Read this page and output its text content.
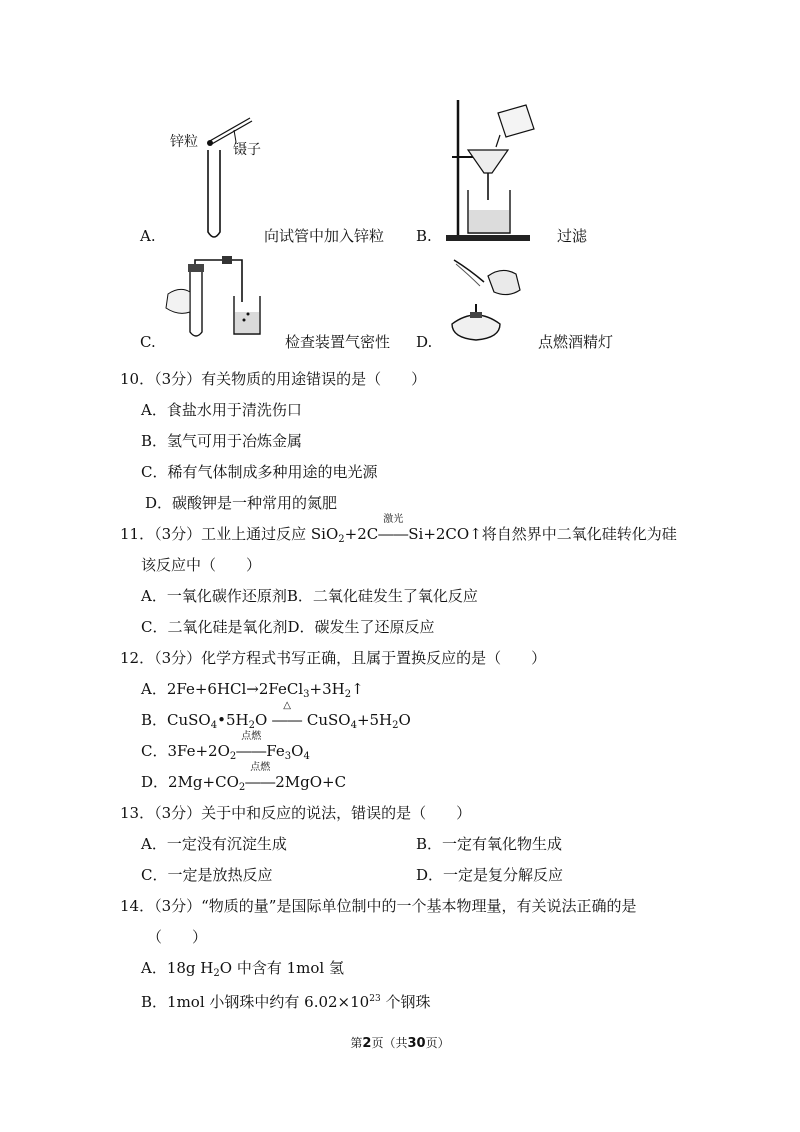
锌粒	镊子
A.	向试管中加入锌粒 B.	过滤
C.	检查装置气密性 D.	点燃酒精灯
10．（3分）有关物质的用途错误的是（　　）
A．食盐水用于清洗伤口
B．氢气可用于冶炼金属
C．稀有气体制成多种用途的电光源
D．碳酸钾是一种常用的氮肥
11．（3分）工业上通过反应 SiO$_2$+2C
激光
――Si+2CO↑将自然界中二氧化硅转化为硅
该反应中（　　）
A．一氧化碳作还原剂B．二氧化硅发生了氧化反应
C．二氧化硅是氧化剂D．碳发生了还原反应
12．（3分）化学方程式书写正确，且属于置换反应的是（　　）
A．$2Fe+6HCl\to 2FeCl_3+3H_2↑$
B．$CuSO_4•5H_2O$
△
―― $CuSO_4+5H_2O$
C．$3Fe+2O_2$
点燃
$――Fe_3O_4$
D．$2Mg+CO_2$
点燃
――2MgO+C
13．（3分）关于中和反应的说法，错误的是（　　）
A．一定没有沉淀生成	B．一定有氧化物生成
C．一定是放热反应	D．一定是复分解反应
14．（3分）“物质的量”是国际单位制中的一个基本物理量，有关说法正确的是
（　　）
A．18g $H_2O$ 中含有 1mol 氢
B．1mol 小钢珠中约有 $6.02\times 10^{23}$ 个钢珠
第2页（共30页）
